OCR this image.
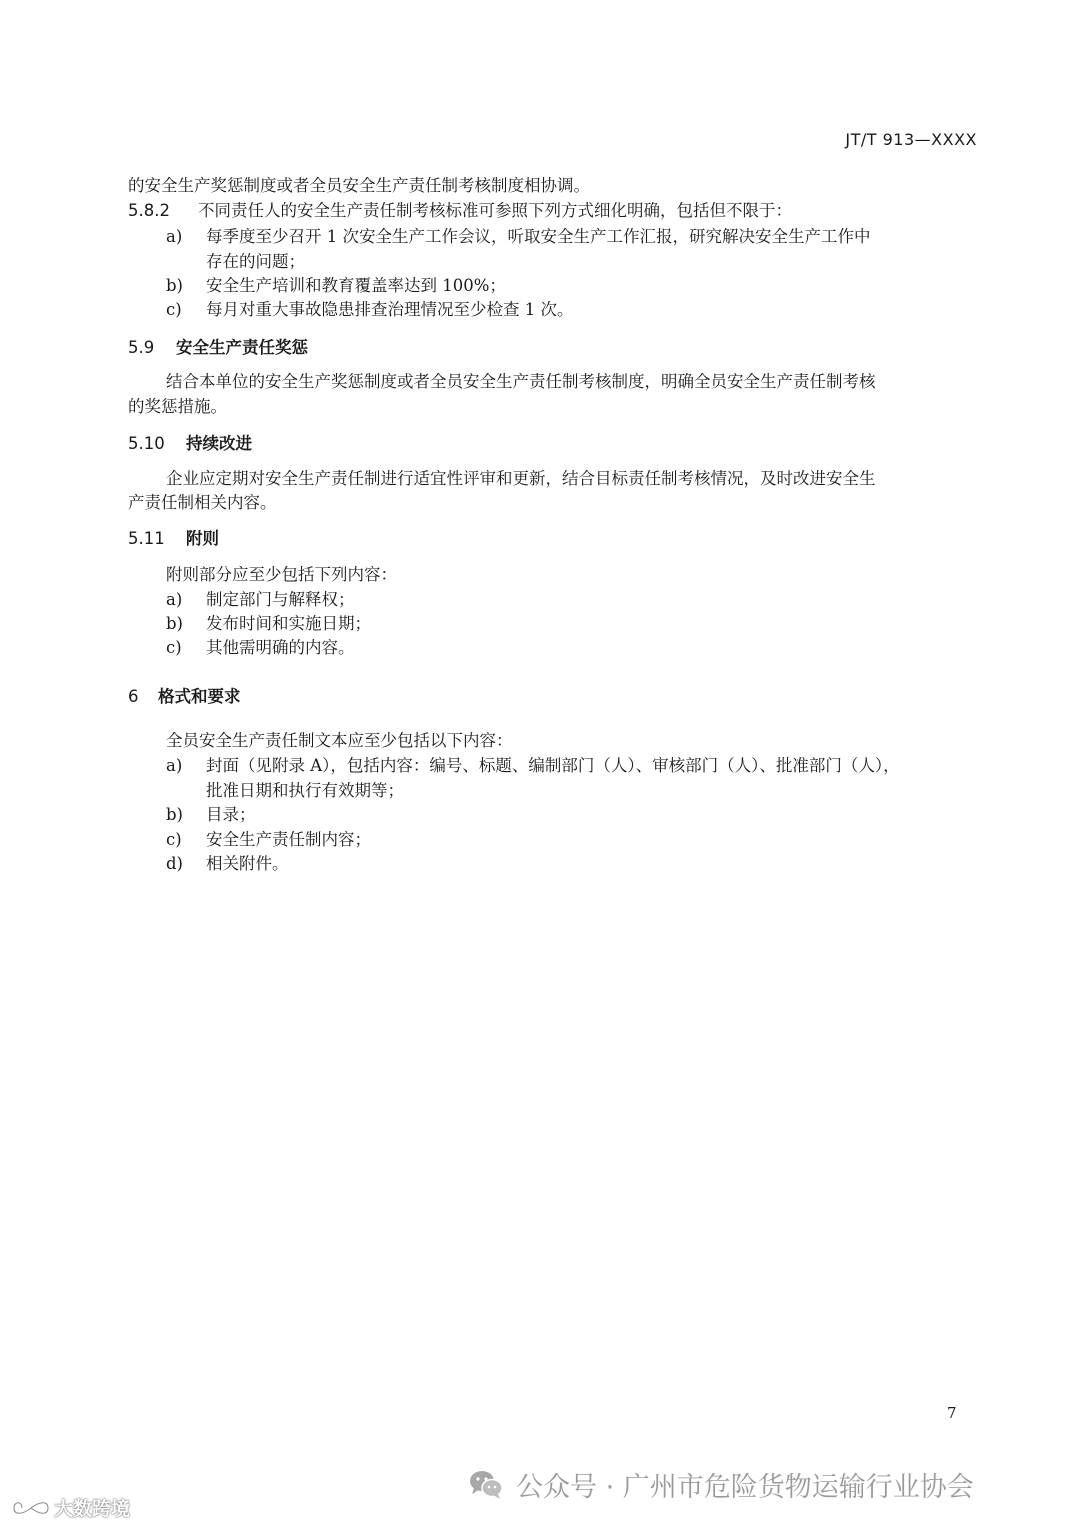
JT/T 913—XXXX
的安全生产奖惩制度或者全员安全生产责任制考核制度相协调。
5.8.2 不同责任人的安全生产责任制考核标准可参照下列方式细化明确，包括但不限于：
a) 每季度至少召开 1 次安全生产工作会议，听取安全生产工作汇报，研究解决安全生产工作中
存在的问题；
b) 安全生产培训和教育覆盖率达到 100%；
c) 每月对重大事故隐患排查治理情况至少检查 1 次。
5.9 安全生产责任奖惩
结合本单位的安全生产奖惩制度或者全员安全生产责任制考核制度，明确全员安全生产责任制考核
的奖惩措施。
5.10 持续改进
企业应定期对安全生产责任制进行适宜性评审和更新，结合目标责任制考核情况，及时改进安全生
产责任制相关内容。
5.11 附则
附则部分应至少包括下列内容：
a) 制定部门与解释权；
b) 发布时间和实施日期；
c) 其他需明确的内容。
6 格式和要求
全员安全生产责任制文本应至少包括以下内容：
a) 封面（见附录 A），包括内容：编号、标题、编制部门（人）、审核部门（人）、批准部门（人），
批准日期和执行有效期等；
b) 目录；
c) 安全生产责任制内容；
d) 相关附件。
7
公众号 · 广州市危险货物运输行业协会
大数跨境
